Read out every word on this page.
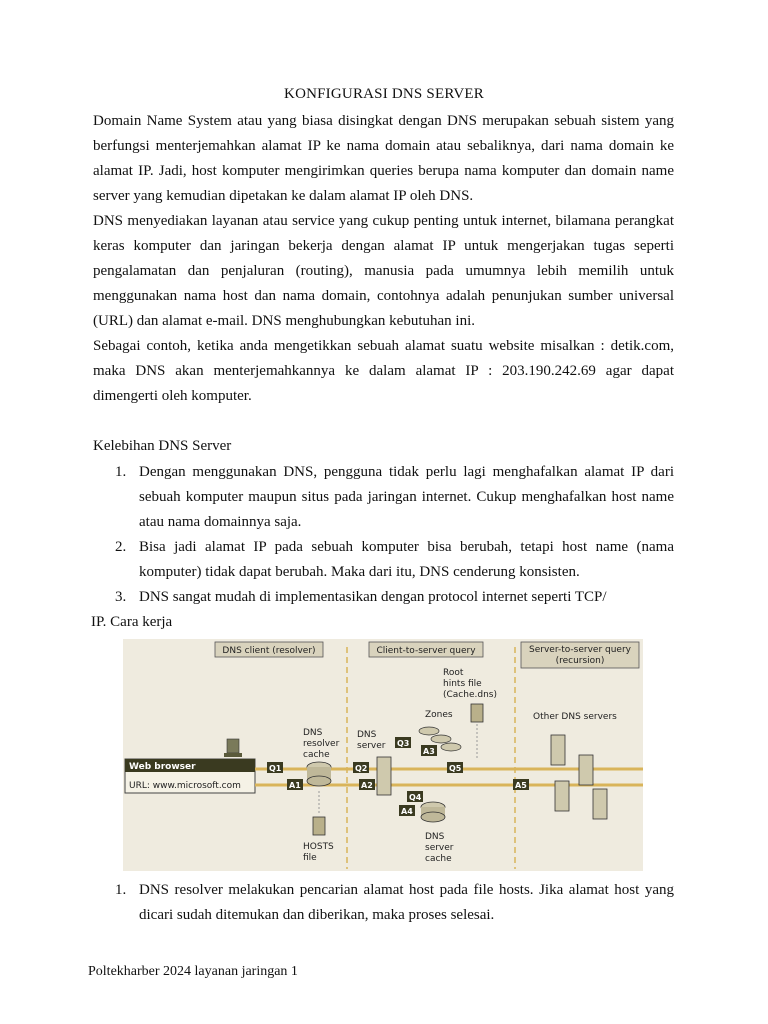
KONFIGURASI DNS SERVER
Domain Name System atau yang biasa disingkat dengan DNS merupakan sebuah sistem yang berfungsi menterjemahkan alamat IP ke nama domain atau sebaliknya, dari nama domain ke alamat IP. Jadi, host komputer mengirimkan queries berupa nama komputer dan domain name server yang kemudian dipetakan ke dalam alamat IP oleh DNS.
DNS menyediakan layanan atau service yang cukup penting untuk internet, bilamana perangkat keras komputer dan jaringan bekerja dengan alamat IP untuk mengerjakan tugas seperti pengalamatan dan penjaluran (routing), manusia pada umumnya lebih memilih untuk menggunakan nama host dan nama domain, contohnya adalah penunjukan sumber universal (URL) dan alamat e-mail. DNS menghubungkan kebutuhan ini.
Sebagai contoh, ketika anda mengetikkan sebuah alamat suatu website misalkan : detik.com, maka DNS akan menterjemahkannya ke dalam alamat IP : 203.190.242.69 agar dapat dimengerti oleh komputer.
Kelebihan DNS Server
1. Dengan menggunakan DNS, pengguna tidak perlu lagi menghafalkan alamat IP dari sebuah komputer maupun situs pada jaringan internet. Cukup menghafalkan host name atau nama domainnya saja.
2. Bisa jadi alamat IP pada sebuah komputer bisa berubah, tetapi host name (nama komputer) tidak dapat berubah. Maka dari itu, DNS cenderung konsisten.
3. DNS sangat mudah di implementasikan dengan protocol internet seperti TCP/
IP. Cara kerja
DNS client (resolver)	Client-to-server query	Server-to-server query
(recursion)
Web browser
URL: www.microsoft.com
DNS
resolver
cache
HOSTS
file
DNS
server
Zones
Root
hints file
(Cache.dns)
DNS
server
cache
Other DNS servers
Q1
A1
Q2
A2
Q3
A3
Q4
A4
Q5
A5
1. DNS resolver melakukan pencarian alamat host pada file hosts. Jika alamat host yang dicari sudah ditemukan dan diberikan, maka proses selesai.
Poltekharber 2024 layanan jaringan 1
